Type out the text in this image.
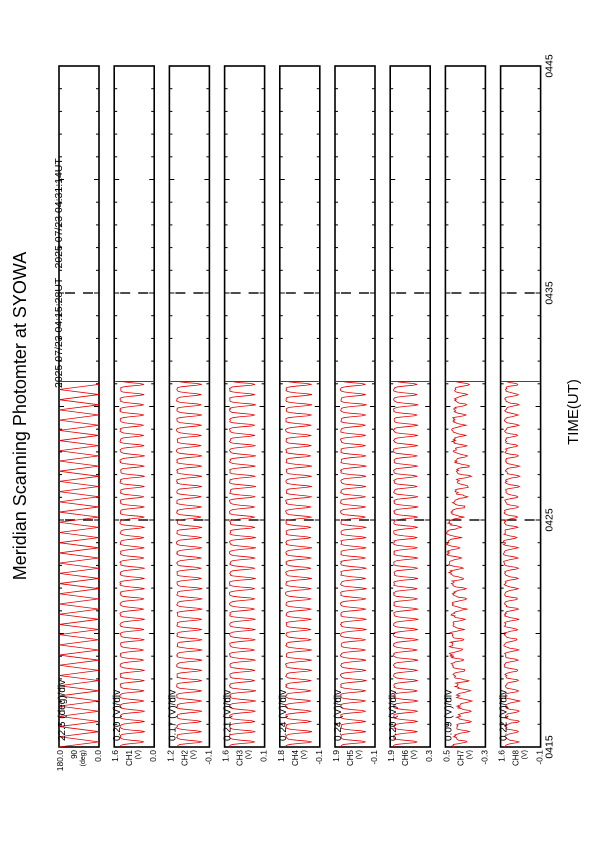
Meridian Scanning Photomter at SYOWA 2025 07/23 04:15:28UT - 2025 07/23 04:31:14UT
TIME(UT)
22.5 (deg)/div
180.0 90 (deg) 0.0
0.20 (V)/div
1.6 CH1 (V) 0.0
0.17 (V)/div
1.2 CH2 (V) -0.1
0.21 (V)/div
1.6 CH3 (V) 0.1
0.24 (V)/div
1.8 CH4 (V) -0.1
0.24 (V)/div
1.9 CH5 (V) -0.1
0.20 (V)/div
1.9 CH6 (V) 0.3
0.09 (V)/div
0.5 CH7 (V) -0.3
0.22 (V)/div
1.6 CH8 (V) -0.1 0415
0425
0435
0445
